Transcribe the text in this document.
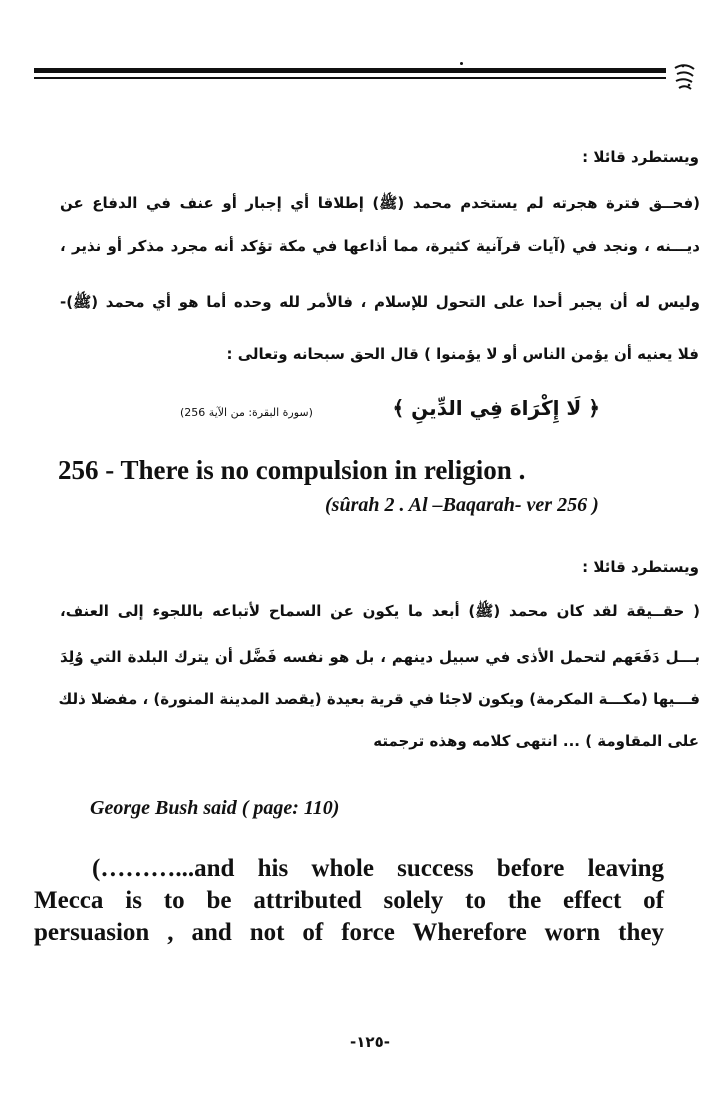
ويستطرد قائلا :
(فحــق فترة هجرته لم يستخدم محمد (ﷺ) إطلاقا أي إجبار أو عنف في الدفاع عن
ديـــنه ، ونجد في (آيات قرآنية كثيرة، مما أذاعها في مكة تؤكد أنه مجرد مذكر أو نذير ،
وليس له أن يجبر أحدا على التحول للإسلام ، فالأمر لله وحده أما هو أي محمد (ﷺ)-
فلا يعنيه أن يؤمن الناس أو لا يؤمنوا ) قال الحق سبحانه وتعالى :
﴿ لَا إِكْرَاهَ فِي الدِّينِ ﴾
(سورة البقرة: من الآية 256)
256 - There is no compulsion in religion .
(sûrah 2 . Al –Baqarah- ver 256 )
ويستطرد قائلا :
( حقــيقة لقد كان محمد (ﷺ) أبعد ما يكون عن السماح لأتباعه باللجوء إلى العنف،
بـــل دَفَعَهم لتحمل الأذى في سبيل دينهم ، بل هو نفسه فَضَّل أن يترك البلدة التي وُلِدَ
فـــيها (مكـــة المكرمة) ويكون لاجئا في قرية بعيدة (يقصد المدينة المنورة) ، مفضلا ذلك
على المقاومة ) ... انتهى كلامه وهذه ترجمته
George Bush said ( page: 110)
(………...and his whole success before leaving
Mecca is to be attributed solely to the effect of
persuasion , and not of force Wherefore worn they
-١٢٥-
